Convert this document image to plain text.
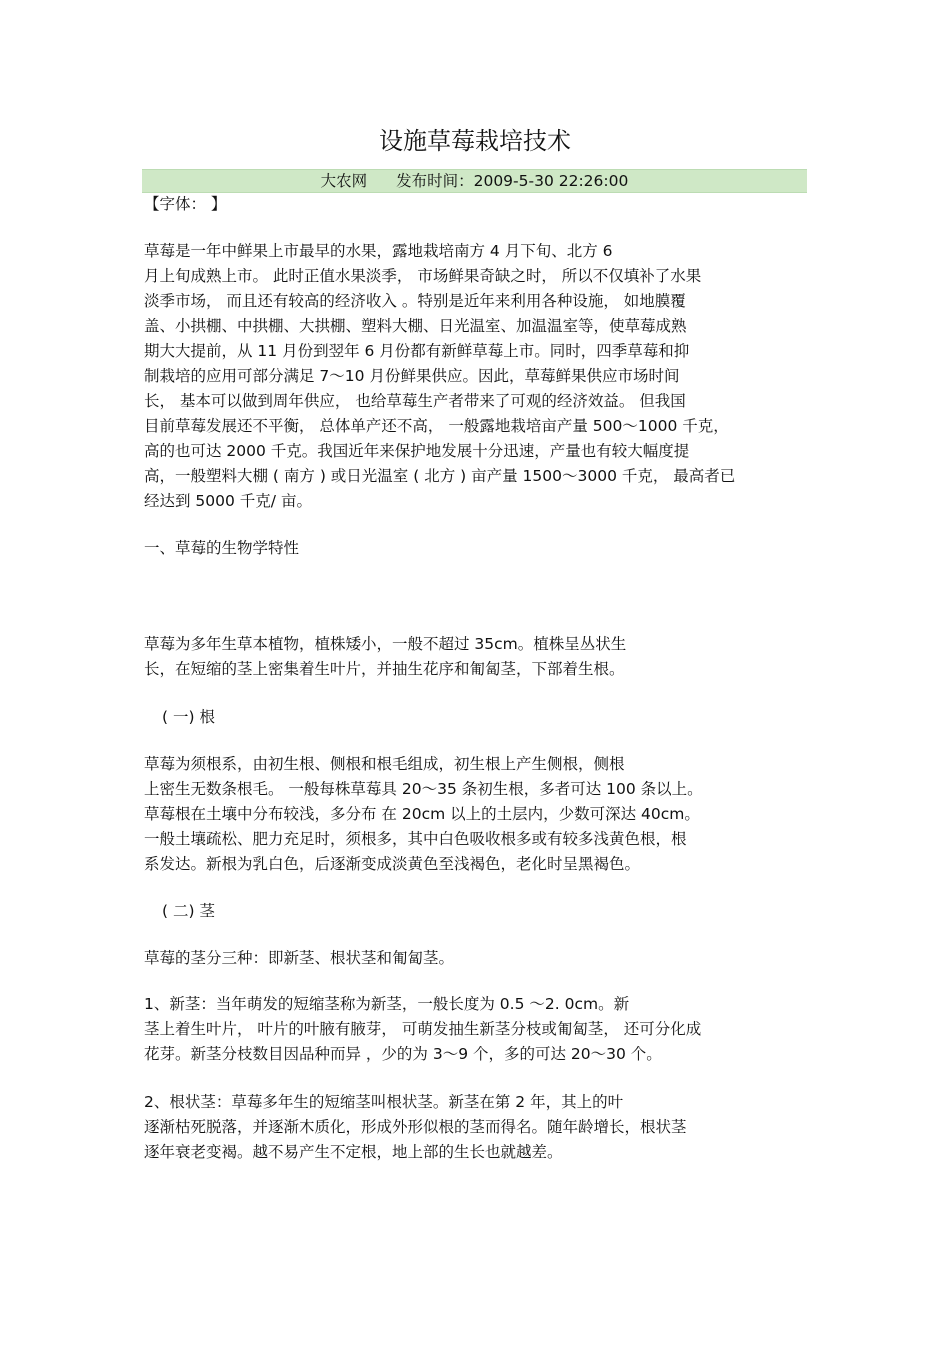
设施草莓栽培技术
大农网 发布时间：2009-5-30 22:26:00
【字体： 】
草莓是一年中鲜果上市最早的水果，露地栽培南方 4 月下旬、北方 6
月上旬成熟上市。 此时正值水果淡季， 市场鲜果奇缺之时， 所以不仅填补了水果
淡季市场， 而且还有较高的经济收入 。特别是近年来利用各种设施， 如地膜覆
盖、小拱棚、中拱棚、大拱棚、塑料大棚、日光温室、加温温室等，使草莓成熟
期大大提前，从 11 月份到翌年 6 月份都有新鲜草莓上市。同时，四季草莓和抑
制栽培的应用可部分满足 7～10 月份鲜果供应。因此，草莓鲜果供应市场时间
长， 基本可以做到周年供应， 也给草莓生产者带来了可观的经济效益。 但我国
目前草莓发展还不平衡， 总体单产还不高， 一般露地栽培亩产量 500～1000 千克，
高的也可达 2000 千克。我国近年来保护地发展十分迅速，产量也有较大幅度提
高，一般塑料大棚 ( 南方 ) 或日光温室 ( 北方 ) 亩产量 1500～3000 千克， 最高者已
经达到 5000 千克/ 亩。
一、草莓的生物学特性
草莓为多年生草本植物，植株矮小，一般不超过 35cm。植株呈丛状生
长，在短缩的茎上密集着生叶片，并抽生花序和匍匐茎，下部着生根。
( 一) 根
草莓为须根系，由初生根、侧根和根毛组成，初生根上产生侧根，侧根
上密生无数条根毛。 一般每株草莓具 20～35 条初生根，多者可达 100 条以上。
草莓根在土壤中分布较浅，多分布 在 20cm 以上的土层内，少数可深达 40cm。
一般土壤疏松、肥力充足时，须根多，其中白色吸收根多或有较多浅黄色根，根
系发达。新根为乳白色，后逐渐变成淡黄色至浅褐色，老化时呈黑褐色。
( 二) 茎
草莓的茎分三种：即新茎、根状茎和匍匐茎。
1、新茎：当年萌发的短缩茎称为新茎，一般长度为 0.5 ～2. 0cm。新
茎上着生叶片， 叶片的叶腋有腋芽， 可萌发抽生新茎分枝或匍匐茎， 还可分化成
花芽。新茎分枝数目因品种而异 ，少的为 3～9 个，多的可达 20～30 个。
2、根状茎：草莓多年生的短缩茎叫根状茎。新茎在第 2 年，其上的叶
逐渐枯死脱落，并逐渐木质化，形成外形似根的茎而得名。随年龄增长，根状茎
逐年衰老变褐。越不易产生不定根，地上部的生长也就越差。
